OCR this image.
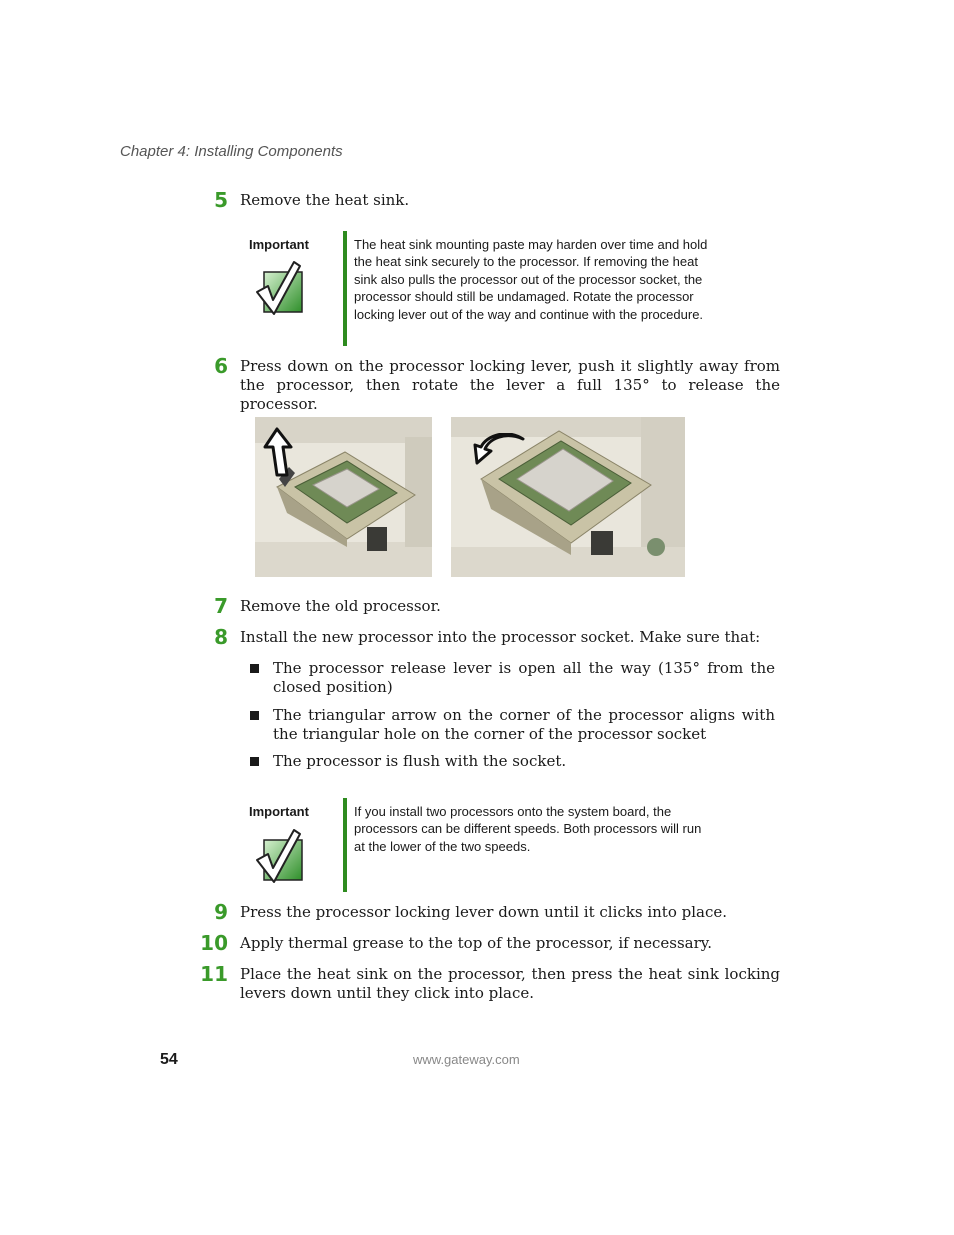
Chapter 4: Installing Components
5 Remove the heat sink.
Important	The heat sink mounting paste may harden over time and hold the heat sink securely to the processor. If removing the heat sink also pulls the processor out of the processor socket, the processor should still be undamaged. Rotate the processor locking lever out of the way and continue with the procedure.
6 Press down on the processor locking lever, push it slightly away from the processor, then rotate the lever a full 135° to release the processor.
7 Remove the old processor.
8 Install the new processor into the processor socket. Make sure that:
The processor release lever is open all the way (135° from the closed position)
The triangular arrow on the corner of the processor aligns with the triangular hole on the corner of the processor socket
The processor is flush with the socket.
Important	If you install two processors onto the system board, the processors can be different speeds. Both processors will run at the lower of the two speeds.
9 Press the processor locking lever down until it clicks into place.
10 Apply thermal grease to the top of the processor, if necessary.
11 Place the heat sink on the processor, then press the heat sink locking levers down until they click into place.
54	www.gateway.com
